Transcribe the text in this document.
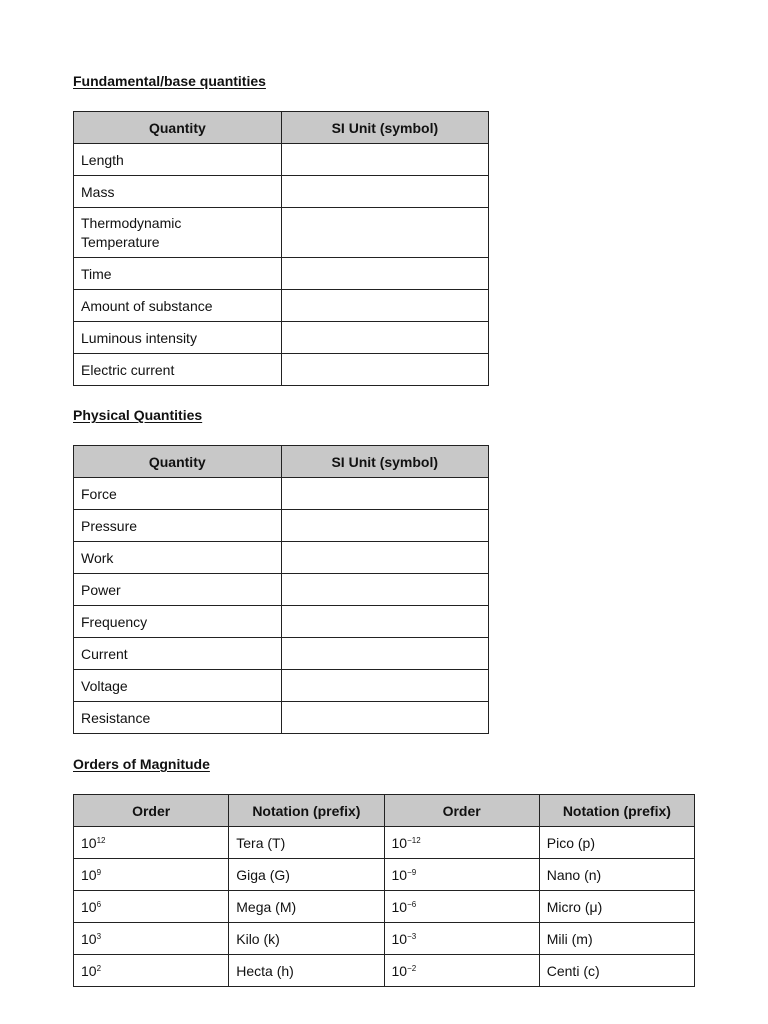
Fundamental/base quantities

Quantity	SI Unit (symbol)
Length	
Mass	
Thermodynamic Temperature	
Time	
Amount of substance	
Luminous intensity	
Electric current	

Physical Quantities

Quantity	SI Unit (symbol)
Force	
Pressure	
Work	
Power	
Frequency	
Current	
Voltage	
Resistance	

Orders of Magnitude

Order	Notation (prefix)	Order	Notation (prefix)
$10^{12}$	Tera (T)	$10^{-12}$	Pico (p)
$10^9$	Giga (G)	$10^{-9}$	Nano (n)
$10^6$	Mega (M)	$10^{-6}$	Micro (μ)
$10^3$	Kilo (k)	$10^{-3}$	Mili (m)
$10^2$	Hecta (h)	$10^{-2}$	Centi (c)
